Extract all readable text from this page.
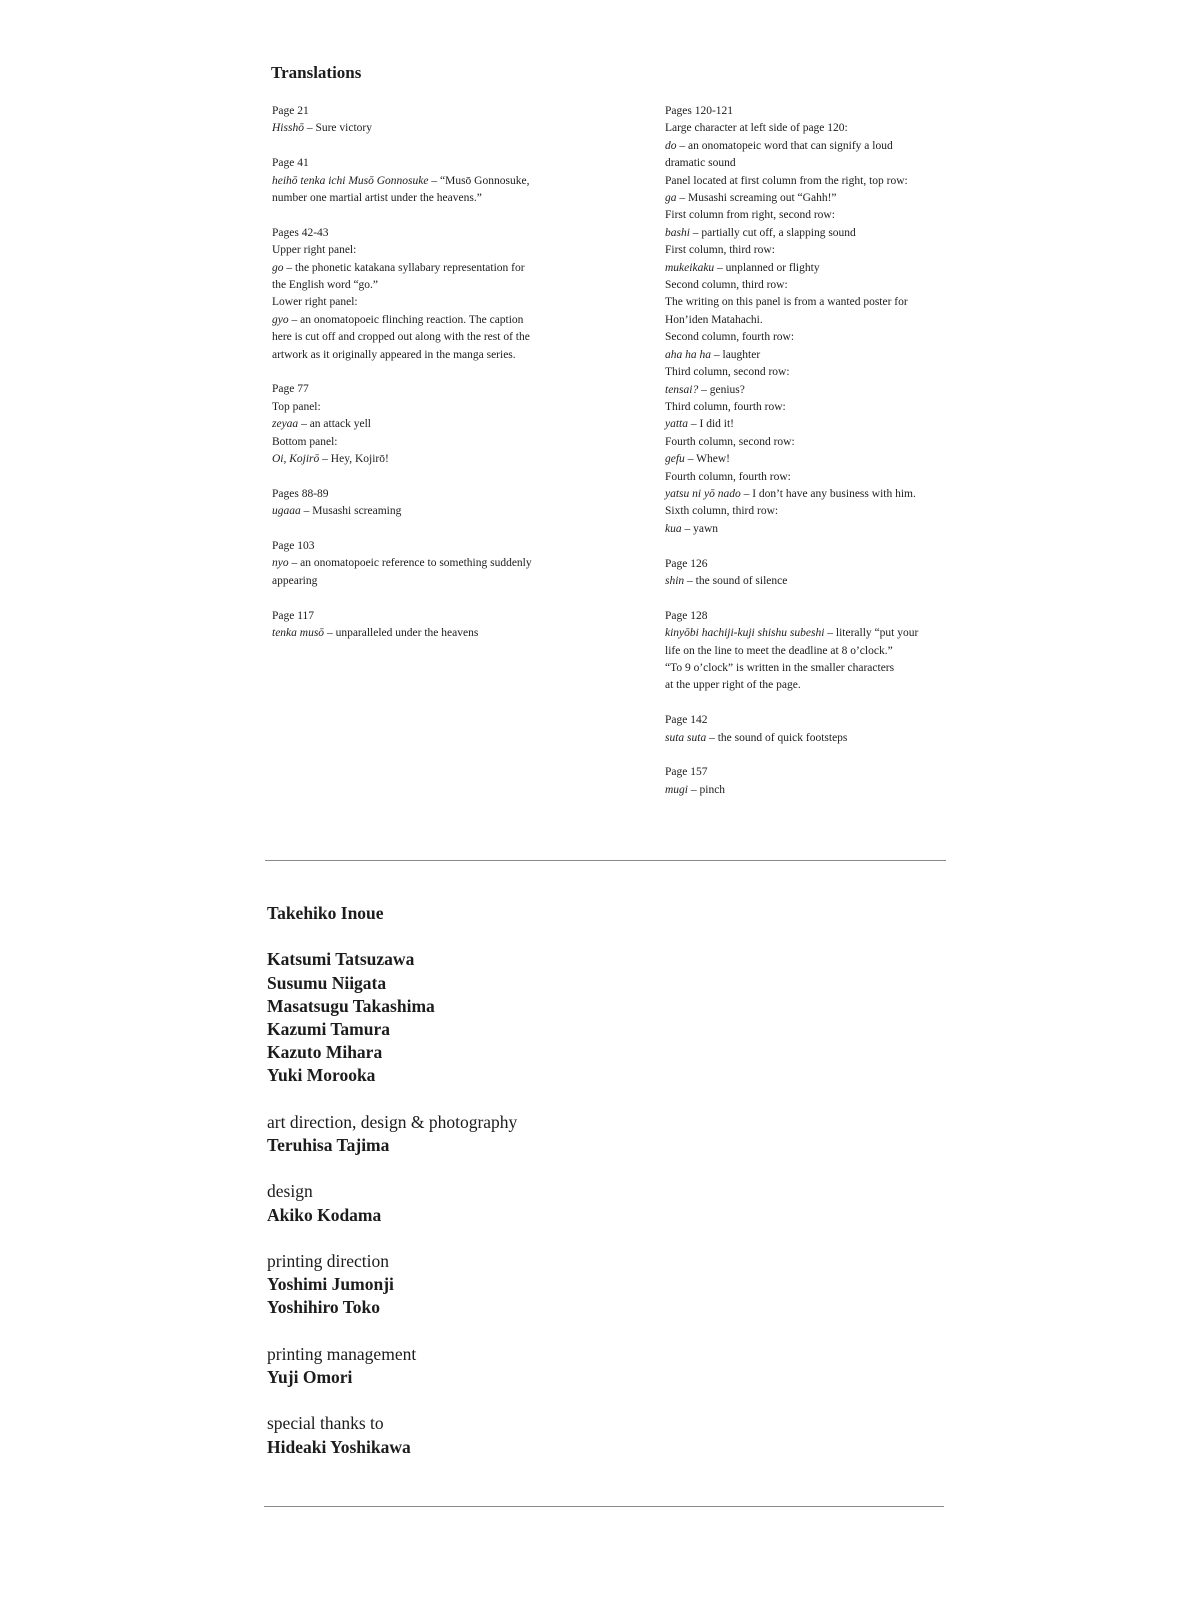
Translations
Page 21
Hisshō – Sure victory
Page 41
heihō tenka ichi Musō Gonnosuke – “Musō Gonnosuke,
number one martial artist under the heavens.”
Pages 42-43
Upper right panel:
go – the phonetic katakana syllabary representation for
the English word “go.”
Lower right panel:
gyo – an onomatopoeic flinching reaction. The caption
here is cut off and cropped out along with the rest of the
artwork as it originally appeared in the manga series.
Page 77
Top panel:
zeyaa – an attack yell
Bottom panel:
Oi, Kojirō – Hey, Kojirō!
Pages 88-89
ugaaa – Musashi screaming
Page 103
nyo – an onomatopoeic reference to something suddenly
appearing
Page 117
tenka musō – unparalleled under the heavens
Pages 120-121
Large character at left side of page 120:
do – an onomatopeic word that can signify a loud
dramatic sound
Panel located at first column from the right, top row:
ga – Musashi screaming out “Gahh!”
First column from right, second row:
bashi – partially cut off, a slapping sound
First column, third row:
mukeikaku – unplanned or flighty
Second column, third row:
The writing on this panel is from a wanted poster for
Hon’iden Matahachi.
Second column, fourth row:
aha ha ha – laughter
Third column, second row:
tensai? – genius?
Third column, fourth row:
yatta – I did it!
Fourth column, second row:
gefu – Whew!
Fourth column, fourth row:
yatsu ni yō nado – I don’t have any business with him.
Sixth column, third row:
kua – yawn
Page 126
shin – the sound of silence
Page 128
kinyōbi hachiji-kuji shishu subeshi – literally “put your
life on the line to meet the deadline at 8 o’clock.”
“To 9 o’clock” is written in the smaller characters
at the upper right of the page.
Page 142
suta suta – the sound of quick footsteps
Page 157
mugi – pinch
Takehiko Inoue
Katsumi Tatsuzawa
Susumu Niigata
Masatsugu Takashima
Kazumi Tamura
Kazuto Mihara
Yuki Morooka
art direction, design & photography
Teruhisa Tajima
design
Akiko Kodama
printing direction
Yoshimi Jumonji
Yoshihiro Toko
printing management
Yuji Omori
special thanks to
Hideaki Yoshikawa
